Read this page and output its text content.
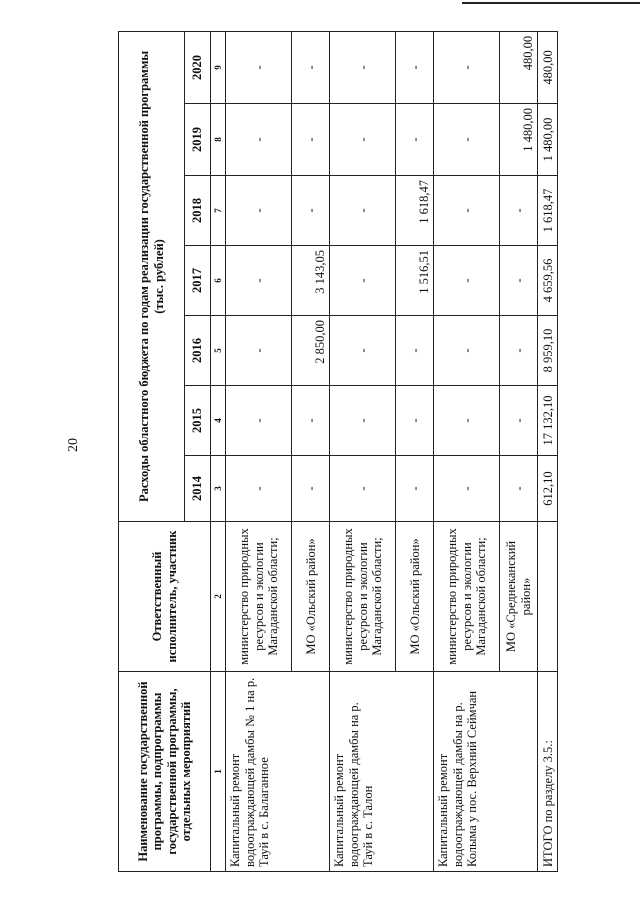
20
Наименование государственной программы, подпрограммы государственной программы, отдельных мероприятий	Ответственный исполнитель, участник	Расходы областного бюджета по годам реализации государственной программы (тыс. рублей)						
		2014	2015	2016	2017	2018	2019	2020
1	2	3	4	5	6	7	8	9
Капитальный ремонт водоограждающей дамбы № 1 на р. Тауй в с. Балаганное	министерство природных ресурсов и экологии Магаданской области;	-	-	-	-	-	-	-
	МО «Ольский район»	-	-	2 850,00	3 143,05	-	-	-
Капитальный ремонт водоограждающей дамбы на р. Тауй в с. Талон	министерство природных ресурсов и экологии Магаданской области;	-	-	-	-	-	-	-
	МО «Ольский район»	-	-	-	1 516,51	1 618,47	-	-
Капитальный ремонт водоограждающей дамбы на р. Колыма у пос. Верхний Сеймчан	министерство природных ресурсов и экологии Магаданской области;	-	-	-	-	-	-	-
	МО «Среднеканский район»	-	-	-	-	-	1 480,00	480,00
ИТОГО по разделу 3.5.:		612,10	17 132,10	8 959,10	4 659,56	1 618,47	1 480,00	480,00
